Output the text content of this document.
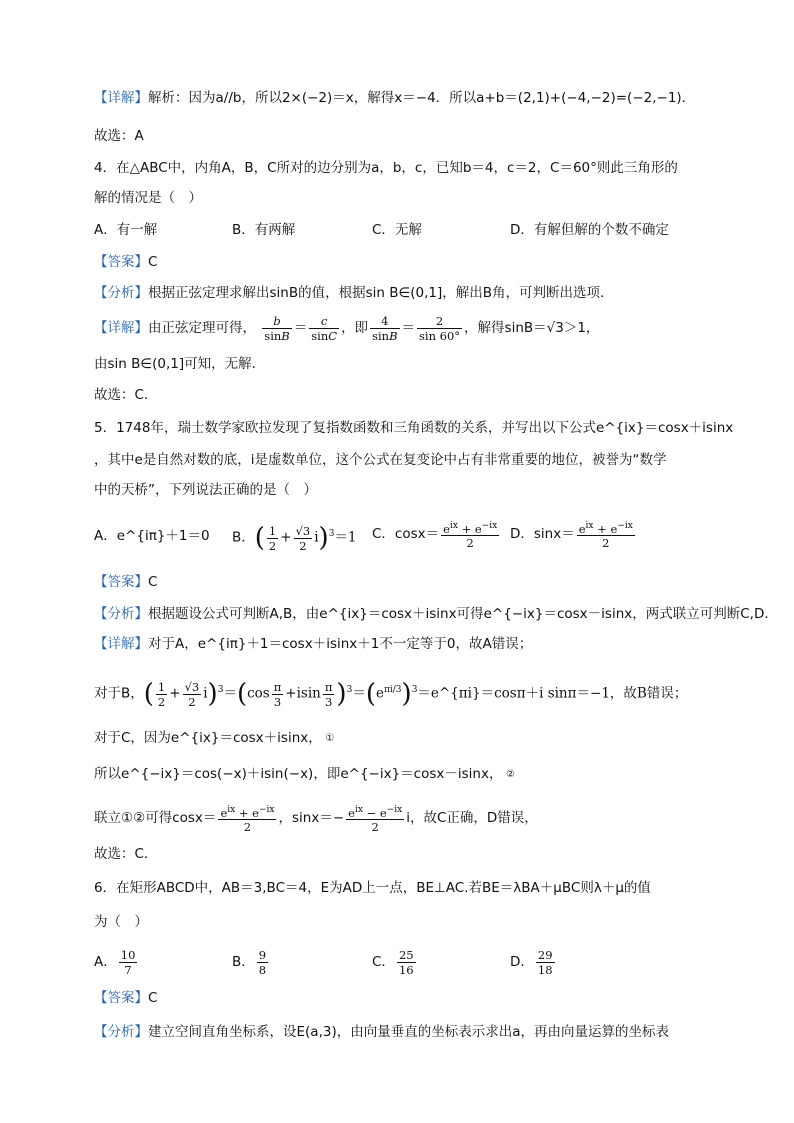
【详解】解析：因为a//b，所以2×(−2)＝x，解得x＝−4．所以a+b＝(2,1)+(−4,−2)=(−2,−1)．
故选：A
4．在△ABC中，内角A，B，C所对的边分别为a，b，c，已知b＝4，c＝2，C＝60°则此三角形的
解的情况是（　）
A．有一解	B．有两解	C．无解	D．有解但解的个数不确定
【答案】C
【分析】根据正弦定理求解出sinB的值，根据sin B∈(0,1]，解出B角，可判断出选项.
【详解】由正弦定理可得， $\frac{b}{\sin B} = \frac{c}{\sin C}$ ，即 $\frac{4}{\sin B} = \frac{2}{\sin 60^\circ}$ ，解得sinB＝√3＞1，
由sin B∈(0,1]可知，无解.
故选：C.
5．1748年，瑞士数学家欧拉发现了复指数函数和三角函数的关系，并写出以下公式e^{ix}＝cosx＋isinx
，其中e是自然对数的底，i是虚数单位，这个公式在复变论中占有非常重要的地位，被誉为“数学
中的天桥”，下列说法正确的是（　）
A．e^{iπ}＋1＝0 B．( $\frac{1}{2} + \frac{√3}{2} i)^3=1$ C．$\cos x= \frac{e^{ix} + e^{-ix}}{2}$ D．$\sin x= \frac{e^{ix} + e^{-ix}}{2}$
【答案】C
【分析】根据题设公式可判断A,B，由e^{ix}＝cosx＋isinx可得e^{−ix}＝cosx－isinx，两式联立可判断C,D.
【详解】对于A，e^{iπ}＋1＝cosx＋isinx＋1不一定等于0，故A错误；
对于B，( $\frac{1}{2} + \frac{√3}{2} i)^3=(\cos \frac{\pi}{3} +isin \frac{\pi}{3}$ )$^3=(e^{\pi i/3})^3=e\^{}\{\pi i\}=\cos\pi+i$ sinπ＝−1，故B错误；
对于C，因为e^{ix}＝cosx＋isinx， ①
所以e^{−ix}＝cos(−x)＋isin(−x)，即e^{−ix}＝cosx－isinx， ②
联立①②可得$\cos x= \frac{e^{ix} + e^{-ix}}{2}$ ，$\sin x=- \frac{e^{ix} - e^{-ix}}{2}$ i，故C正确，D错误，
故选：C.
6．在矩形ABCD中，AB＝3,BC＝4，E为AD上一点，BE⊥AC.若BE＝λBA＋μBC则λ＋μ的值
为（　）
A． $\frac{10}{7}$	B． $\frac{9}{8}$	C． $\frac{25}{16}$	D． $\frac{29}{18}$
【答案】C
【分析】建立空间直角坐标系，设E(a,3)，由向量垂直的坐标表示求出a，再由向量运算的坐标表
